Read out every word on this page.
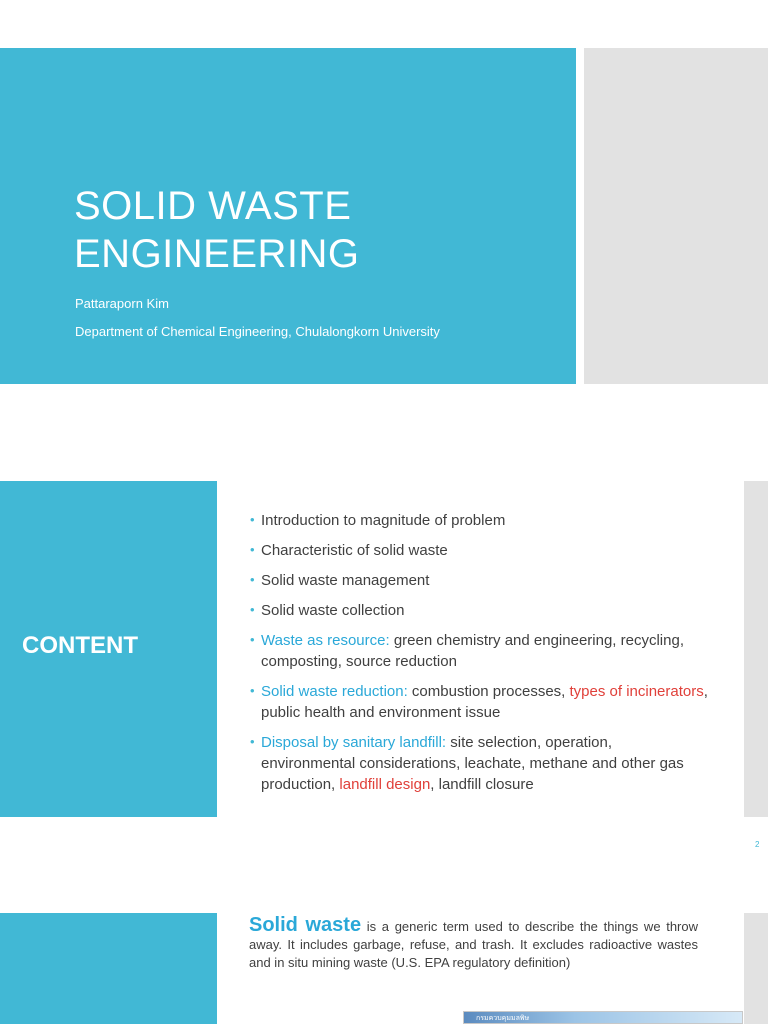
SOLID WASTE
ENGINEERING
Pattaraporn Kim
Department of Chemical Engineering, Chulalongkorn University
CONTENT
• Introduction to magnitude of problem
• Characteristic of solid waste
• Solid waste management
• Solid waste collection
• Waste as resource: green chemistry and engineering, recycling, composting, source reduction
• Solid waste reduction: combustion processes, types of incinerators, public health and environment issue
• Disposal by sanitary landfill: site selection, operation, environmental considerations, leachate, methane and other gas production, landfill design, landfill closure
2
Solid waste is a generic term used to describe the things we throw away. It includes garbage, refuse, and trash. It excludes radioactive wastes and in situ mining waste (U.S. EPA regulatory definition)
กรมควบคุมมลพิษ
